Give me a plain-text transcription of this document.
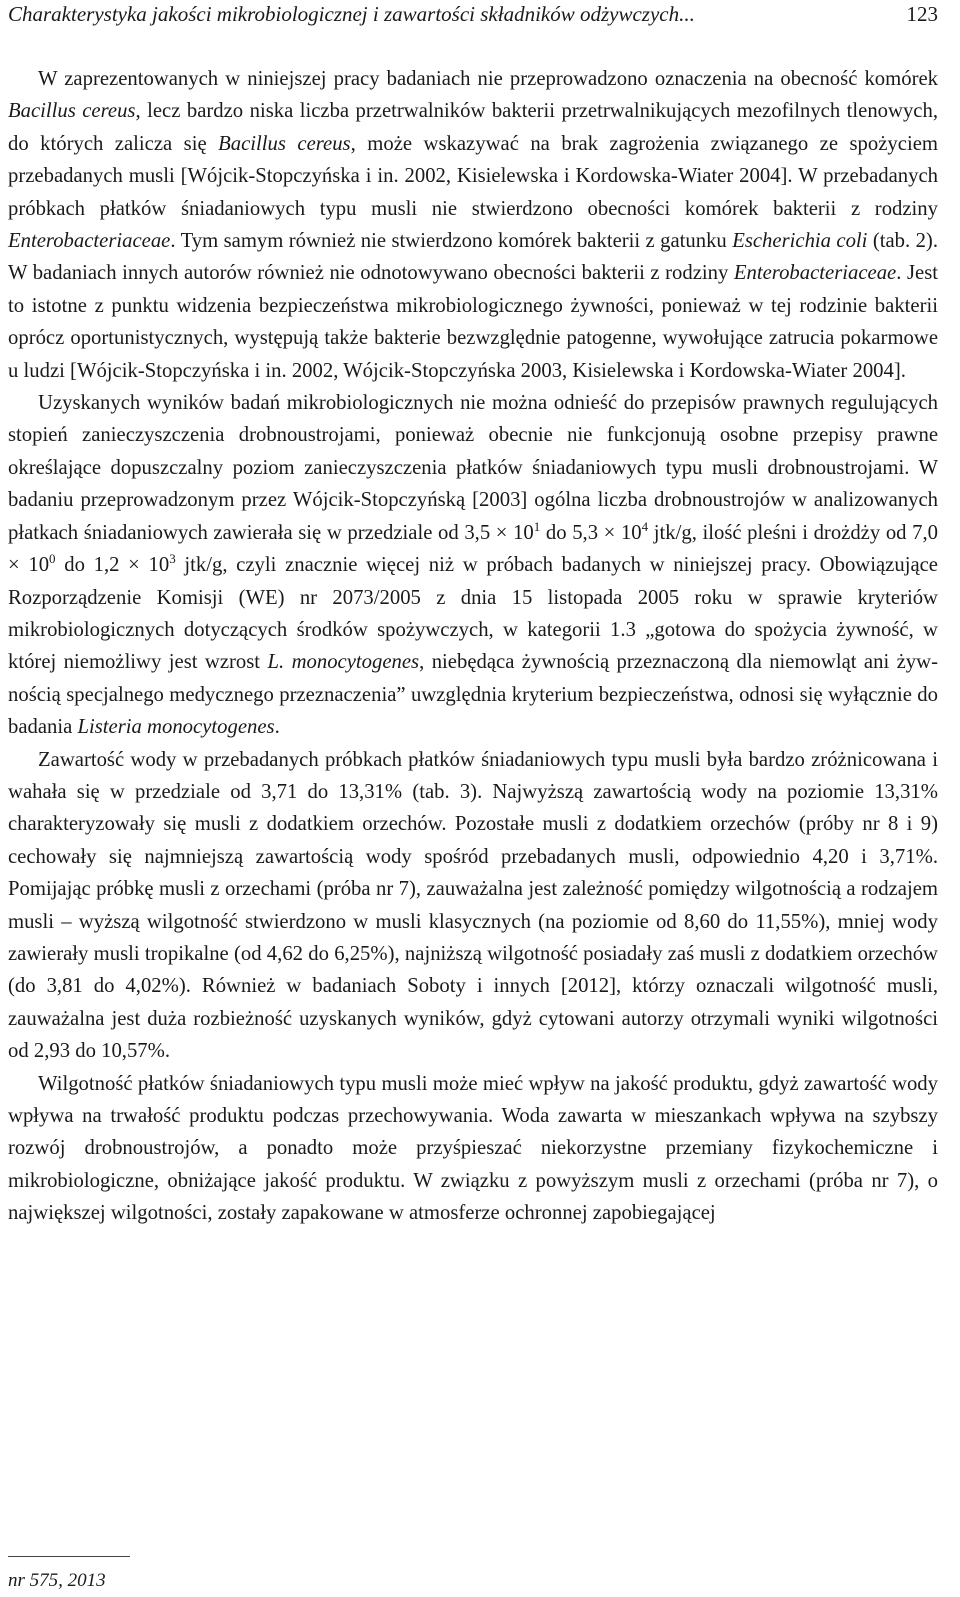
Charakterystyka jakości mikrobiologicznej i zawartości składników odżywczych...	123

W zaprezentowanych w niniejszej pracy badaniach nie przeprowadzono oznaczenia na obecność komórek Bacillus cereus, lecz bardzo niska liczba przetrwalników bakterii przetrwalnikujących mezofilnych tlenowych, do których zalicza się Bacillus cereus, może wskazywać na brak zagrożenia związanego ze spożyciem przebadanych musli [Wójcik-Stopczyńska i in. 2002, Kisielewska i Kordowska-Wiater 2004]. W przebadanych próbkach płatków śniadaniowych typu musli nie stwierdzono obecności komórek bakterii z rodziny Enterobacteriaceae. Tym samym również nie stwierdzono komórek bakterii z gatunku Escherichia coli (tab. 2). W badaniach innych autorów również nie odnotowywano obecności bakterii z rodziny Enterobacteriaceae. Jest to istotne z punktu widzenia bezpieczeństwa mikrobiologicznego żywności, ponieważ w tej rodzinie bakterii oprócz oportunistycznych, występują także bakterie bezwzględnie patogenne, wywołujące zatrucia pokarmowe u ludzi [Wójcik-Stopczyńska i in. 2002, Wójcik-Stopczyńska 2003, Kisielewska i Kordowska-Wiater 2004].

Uzyskanych wyników badań mikrobiologicznych nie można odnieść do przepisów prawnych regulujących stopień zanieczyszczenia drobnoustrojami, ponieważ obecnie nie funkcjonują osobne przepisy prawne określające dopuszczalny poziom zanieczyszczenia płatków śniadaniowych typu musli drobnoustrojami. W badaniu przeprowadzonym przez Wójcik-Stopczyńską [2003] ogólna liczba drobnoustrojów w analizowanych płatkach śniadaniowych zawierała się w przedziale od $3,5 \times 10^1$ do $5,3 \times 10^4$ jtk/g, ilość pleśni i drożdży od $7,0 \times 10^0$ do $1,2 \times 10^3$ jtk/g, czyli znacznie więcej niż w próbach badanych w niniejszej pracy. Obowiązujące Rozporządzenie Komisji (WE) nr 2073/2005 z dnia 15 listopada 2005 roku w sprawie kryteriów mikrobiologicznych dotyczących środków spożywczych, w kategorii 1.3 „gotowa do spożycia żywność, w której niemożliwy jest wzrost L. monocytogenes, niebędąca żywnością przeznaczoną dla niemowląt ani żywnością specjalnego medycznego przeznaczenia” uwzględnia kryterium bezpieczeństwa, odnosi się wyłącznie do badania Listeria monocytogenes.

Zawartość wody w przebadanych próbkach płatków śniadaniowych typu musli była bardzo zróżnicowana i wahała się w przedziale od 3,71 do 13,31% (tab. 3). Najwyższą zawartością wody na poziomie 13,31% charakteryzowały się musli z dodatkiem orzechów. Pozostałe musli z dodatkiem orzechów (próby nr 8 i 9) cechowały się najmniejszą zawartością wody spośród przebadanych musli, odpowiednio 4,20 i 3,71%. Pomijając próbkę musli z orzechami (próba nr 7), zauważalna jest zależność pomiędzy wilgotnością a rodzajem musli – wyższą wilgotność stwierdzono w musli klasycznych (na poziomie od 8,60 do 11,55%), mniej wody zawierały musli tropikalne (od 4,62 do 6,25%), najniższą wilgotność posiadały zaś musli z dodatkiem orzechów (do 3,81 do 4,02%). Również w badaniach Soboty i innych [2012], którzy oznaczali wilgotność musli, zauważalna jest duża rozbieżność uzyskanych wyników, gdyż cytowani autorzy otrzymali wyniki wilgotności od 2,93 do 10,57%.

Wilgotność płatków śniadaniowych typu musli może mieć wpływ na jakość produktu, gdyż zawartość wody wpływa na trwałość produktu podczas przechowywania. Woda zawarta w mieszankach wpływa na szybszy rozwój drobnoustrojów, a ponadto może przyśpieszać niekorzystne przemiany fizykochemiczne i mikrobiologiczne, obniżające jakość produktu. W związku z powyższym musli z orzechami (próba nr 7), o największej wilgotności, zostały zapakowane w atmosferze ochronnej zapobiegającej

nr 575, 2013
